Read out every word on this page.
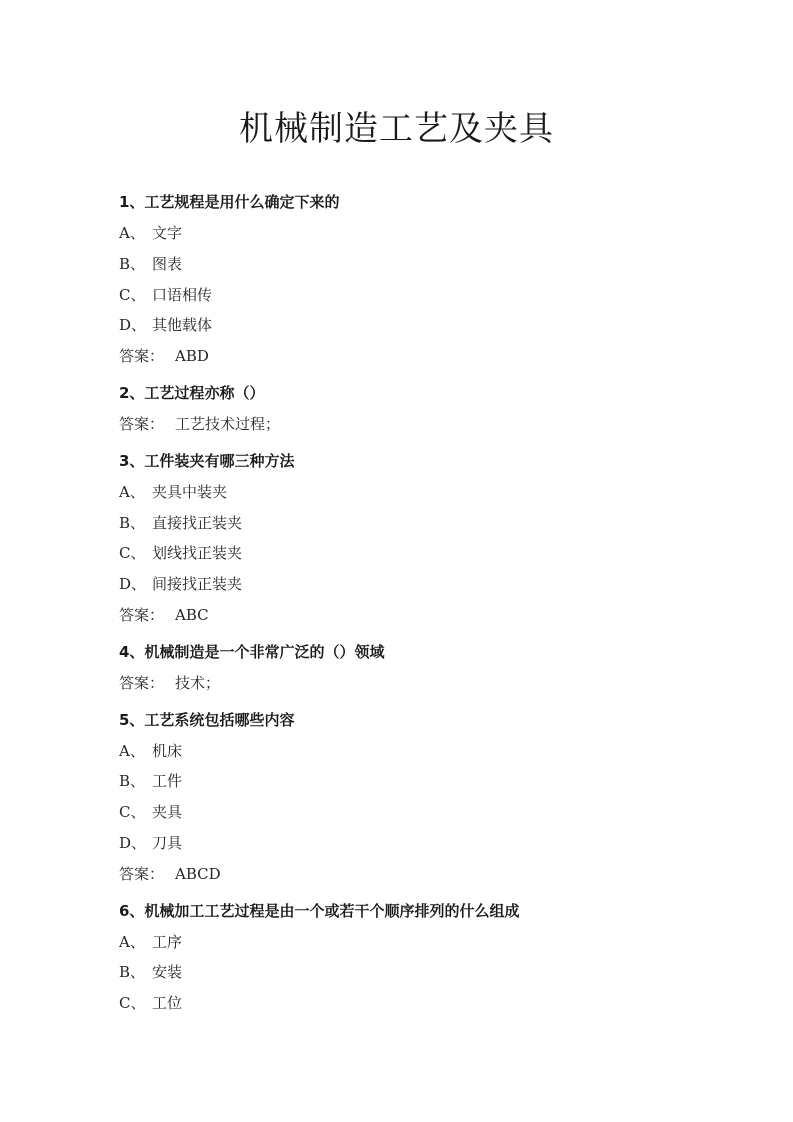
机械制造工艺及夹具
1、工艺规程是用什么确定下来的
A、 文字
B、 图表
C、 口语相传
D、 其他载体
答案： ABD
2、工艺过程亦称（）
答案： 工艺技术过程；
3、工件装夹有哪三种方法
A、 夹具中装夹
B、 直接找正装夹
C、 划线找正装夹
D、 间接找正装夹
答案： ABC
4、机械制造是一个非常广泛的（）领域
答案： 技术；
5、工艺系统包括哪些内容
A、 机床
B、 工件
C、 夹具
D、 刀具
答案： ABCD
6、机械加工工艺过程是由一个或若干个顺序排列的什么组成
A、 工序
B、 安装
C、 工位
